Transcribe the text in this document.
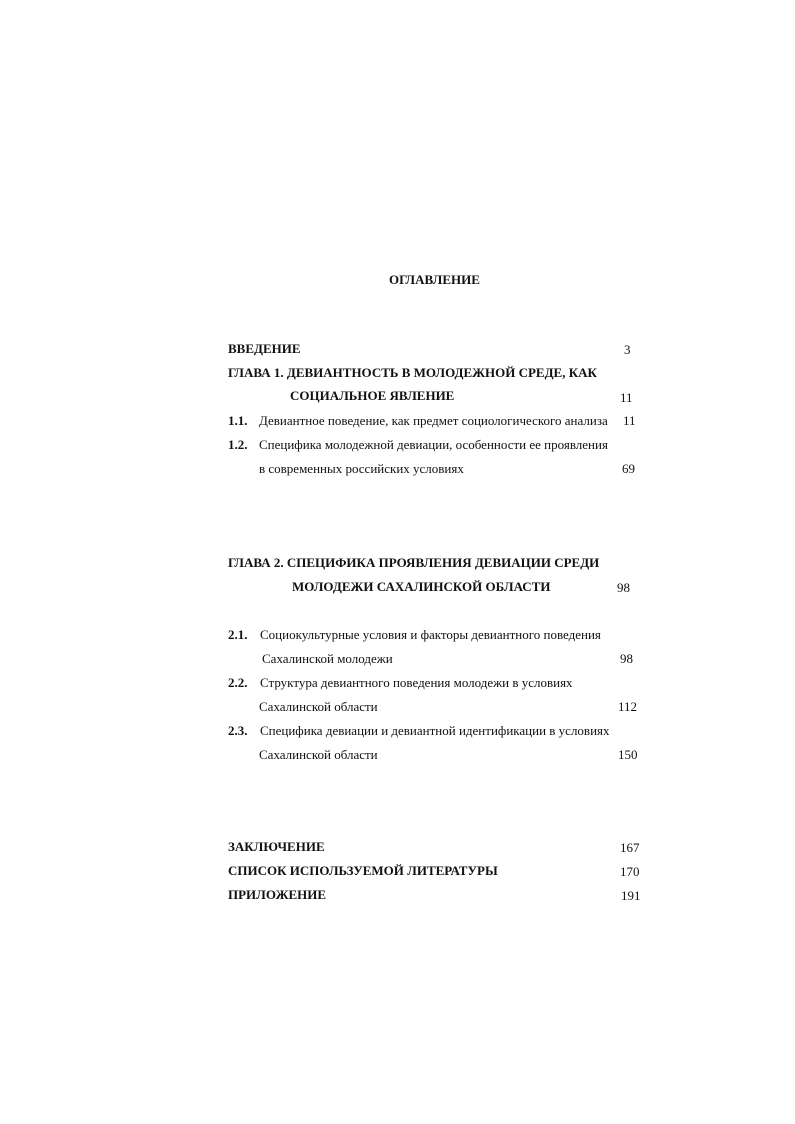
ОГЛАВЛЕНИЕ
ВВЕДЕНИЕ	3
ГЛАВА 1. ДЕВИАНТНОСТЬ В МОЛОДЕЖНОЙ СРЕДЕ, КАК
СОЦИАЛЬНОЕ ЯВЛЕНИЕ	11
1.1. Девиантное поведение, как предмет социологического анализа 11
1.2. Специфика молодежной девиации, особенности ее проявления
в современных российских условиях	69
ГЛАВА 2. СПЕЦИФИКА ПРОЯВЛЕНИЯ ДЕВИАЦИИ СРЕДИ
МОЛОДЕЖИ САХАЛИНСКОЙ ОБЛАСТИ	98
2.1. Социокультурные условия и факторы девиантного поведения
Сахалинской молодежи	98
2.2. Структура девиантного поведения молодежи в условиях
Сахалинской области	112
2.3. Специфика девиации и девиантной идентификации в условиях
Сахалинской области	150
ЗАКЛЮЧЕНИЕ	167
СПИСОК ИСПОЛЬЗУЕМОЙ ЛИТЕРАТУРЫ	170
ПРИЛОЖЕНИЕ	191
